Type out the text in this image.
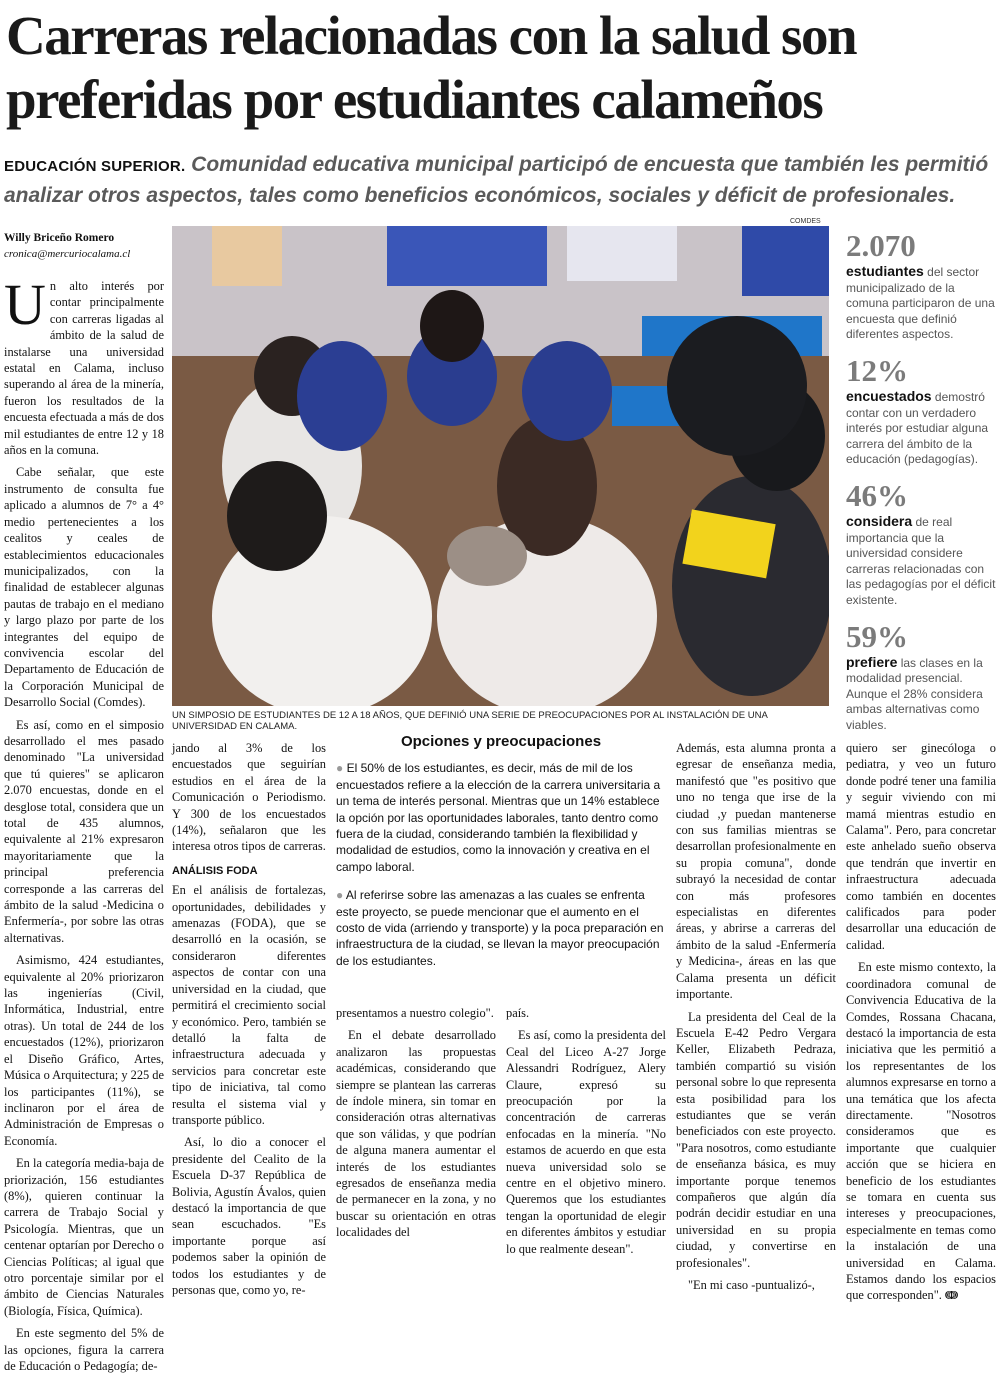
Carreras relacionadas con la salud son preferidas por estudiantes calameños
EDUCACIÓN SUPERIOR. Comunidad educativa municipal participó de encuesta que también les permitió analizar otros aspectos, tales como beneficios económicos, sociales y déficit de profesionales.
Willy Briceño Romero
cronica@mercuriocalama.cl

Un alto interés por contar principalmente con carreras ligadas al ámbito de la salud de instalarse una universidad estatal en Calama, incluso superando al área de la minería, fueron los resultados de la encuesta efectuada a más de dos mil estudiantes de entre 12 y 18 años en la comuna.

Cabe señalar, que este instrumento de consulta fue aplicado a alumnos de 7° a 4° medio pertenecientes a los cealitos y ceales de establecimientos educacionales municipalizados, con la finalidad de establecer algunas pautas de trabajo en el mediano y largo plazo por parte de los integrantes del equipo de convivencia escolar del Departamento de Educación de la Corporación Municipal de Desarrollo Social (Comdes).

Es así, como en el simposio desarrollado el mes pasado denominado "La universidad que tú quieres" se aplicaron 2.070 encuestas, donde en el desglose total, considera que un total de 435 alumnos, equivalente al 21% expresaron mayoritariamente que la principal preferencia corresponde a las carreras del ámbito de la salud -Medicina o Enfermería-, por sobre las otras alternativas.

Asimismo, 424 estudiantes, equivalente al 20% priorizaron las ingenierías (Civil, Informática, Industrial, entre otras). Un total de 244 de los encuestados (12%), priorizaron el Diseño Gráfico, Artes, Música o Arquitectura; y 225 de los participantes (11%), se inclinaron por el área de Administración de Empresas o Economía.

En la categoría media-baja de priorización, 156 estudiantes (8%), quieren continuar la carrera de Trabajo Social y Psicología. Mientras, que un centenar optarían por Derecho o Ciencias Políticas; al igual que otro porcentaje similar por el ámbito de Ciencias Naturales (Biología, Física, Química).

En este segmento del 5% de las opciones, figura la carrera de Educación o Pedagogía; de-

COMDES
UN SIMPOSIO DE ESTUDIANTES DE 12 A 18 AÑOS, QUE DEFINIÓ UNA SERIE DE PREOCUPACIONES POR AL INSTALACIÓN DE UNA UNIVERSIDAD EN CALAMA.
2.070
estudiantes del sector municipalizado de la comuna participaron de una encuesta que definió diferentes aspectos.
12%
encuestados demostró contar con un verdadero interés por estudiar alguna carrera del ámbito de la educación (pedagogías).
46%
considera de real importancia que la universidad considere carreras relacionadas con las pedagogías por el déficit existente.
59%
prefiere las clases en la modalidad presencial. Aunque el 28% considera ambas alternativas como viables.

jando al 3% de los encuestados que seguirían estudios en el área de la Comunicación o Periodismo. Y 300 de los encuestados (14%), señalaron que les interesa otros tipos de carreras.

ANÁLISIS FODA

En el análisis de fortalezas, oportunidades, debilidades y amenazas (FODA), que se desarrolló en la ocasión, se consideraron diferentes aspectos de contar con una universidad en la ciudad, que permitirá el crecimiento social y económico. Pero, también se detalló la falta de infraestructura adecuada y servicios para concretar este tipo de iniciativa, tal como resulta el sistema vial y transporte público.

Así, lo dio a conocer el presidente del Cealito de la Escuela D-37 República de Bolivia, Agustín Ávalos, quien destacó la importancia de que sean escuchados. "Es importante porque así podemos saber la opinión de todos los estudiantes y de personas que, como yo, re-

Opciones y preocupaciones

● El 50% de los estudiantes, es decir, más de mil de los encuestados refiere a la elección de la carrera universitaria a un tema de interés personal. Mientras que un 14% establece la opción por las oportunidades laborales, tanto dentro como fuera de la ciudad, considerando también la flexibilidad y modalidad de estudios, como la innovación y creativa en el campo laboral.

● Al referirse sobre las amenazas a las cuales se enfrenta este proyecto, se puede mencionar que el aumento en el costo de vida (arriendo y transporte) y la poca preparación en infraestructura de la ciudad, se llevan la mayor preocupación de los estudiantes.

presentamos a nuestro colegio".

En el debate desarrollado analizaron las propuestas académicas, considerando que siempre se plantean las carreras de índole minera, sin tomar en consideración otras alternativas que son válidas, y que podrían de alguna manera aumentar el interés de los estudiantes egresados de enseñanza media de permanecer en la zona, y no buscar su orientación en otras localidades del

país.

Es así, como la presidenta del Ceal del Liceo A-27 Jorge Alessandri Rodríguez, Alery Claure, expresó su preocupación por la concentración de carreras enfocadas en la minería. "No estamos de acuerdo en que esta nueva universidad solo se centre en el objetivo minero. Queremos que los estudiantes tengan la oportunidad de elegir en diferentes ámbitos y estudiar lo que realmente desean".

Además, esta alumna pronta a egresar de enseñanza media, manifestó que "es positivo que uno no tenga que irse de la ciudad ,y puedan mantenerse con sus familias mientras se desarrollan profesionalmente en su propia comuna", donde subrayó la necesidad de contar con más profesores especialistas en diferentes áreas, y abrirse a carreras del ámbito de la salud -Enfermería y Medicina-, áreas en las que Calama presenta un déficit importante.

La presidenta del Ceal de la Escuela E-42 Pedro Vergara Keller, Elizabeth Pedraza, también compartió su visión personal sobre lo que representa esta posibilidad para los estudiantes que se verán beneficiados con este proyecto. "Para nosotros, como estudiante de enseñanza básica, es muy importante porque tenemos compañeros que algún día podrán decidir estudiar en una universidad en su propia ciudad, y convertirse en profesionales".

"En mi caso -puntualizó-,

quiero ser ginecóloga o pediatra, y veo un futuro donde podré tener una familia y seguir viviendo con mi mamá mientras estudio en Calama". Pero, para concretar este anhelado sueño observa que tendrán que invertir en infraestructura adecuada como también en docentes calificados para poder desarrollar una educación de calidad.

En este mismo contexto, la coordinadora comunal de Convivencia Educativa de la Comdes, Rossana Chacana, destacó la importancia de esta iniciativa que les permitió a los representantes de los alumnos expresarse en torno a una temática que los afecta directamente. "Nosotros consideramos que es importante que cualquier acción que se hiciera en beneficio de los estudiantes se tomara en cuenta sus intereses y preocupaciones, especialmente en temas como la instalación de una universidad en Calama. Estamos dando los espacios que corresponden". ↈ
